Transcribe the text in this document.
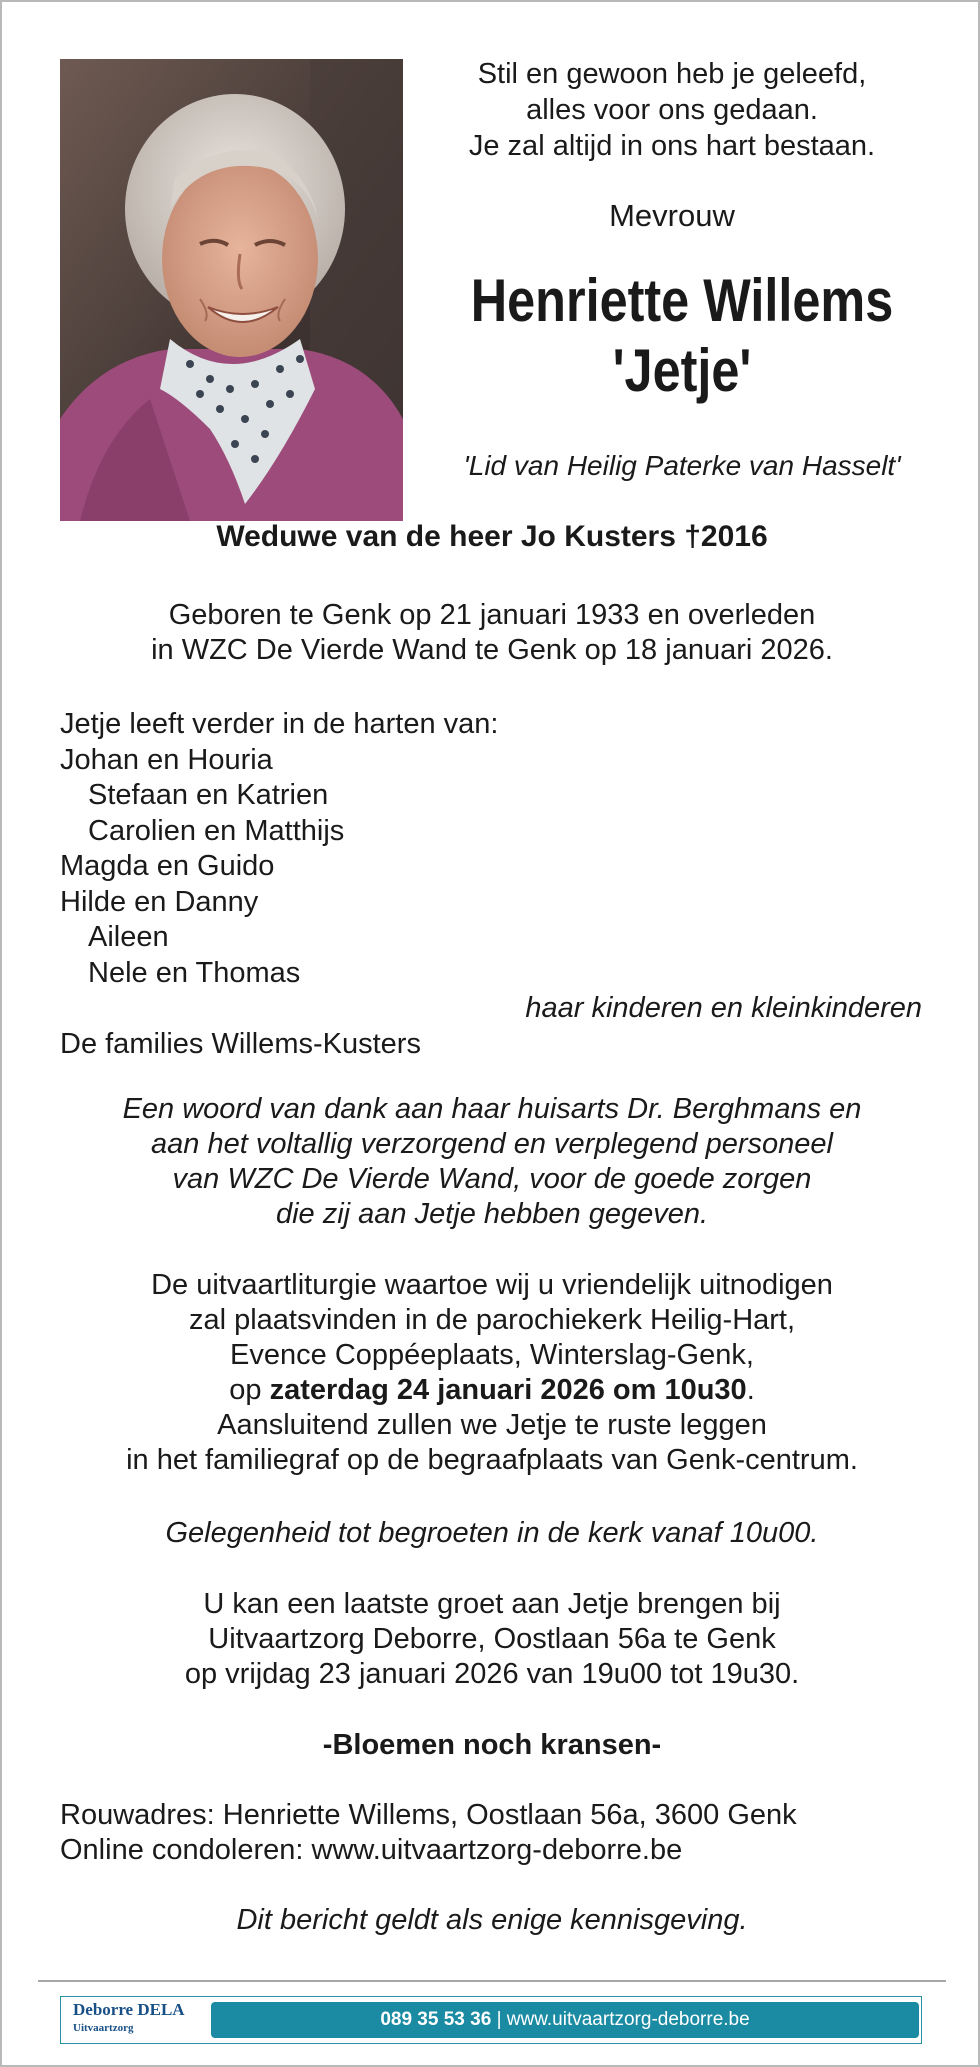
Stil en gewoon heb je geleefd,
alles voor ons gedaan.
Je zal altijd in ons hart bestaan.
Mevrouw
Henriette Willems
'Jetje'
'Lid van Heilig Paterke van Hasselt'
Weduwe van de heer Jo Kusters †2016
Geboren te Genk op 21 januari 1933 en overleden
in WZC De Vierde Wand te Genk op 18 januari 2026.
Jetje leeft verder in de harten van:
Johan en Houria
Stefaan en Katrien
Carolien en Matthijs
Magda en Guido
Hilde en Danny
Aileen
Nele en Thomas
haar kinderen en kleinkinderen
De families Willems-Kusters
Een woord van dank aan haar huisarts Dr. Berghmans en
aan het voltallig verzorgend en verplegend personeel
van WZC De Vierde Wand, voor de goede zorgen
die zij aan Jetje hebben gegeven.
De uitvaartliturgie waartoe wij u vriendelijk uitnodigen
zal plaatsvinden in de parochiekerk Heilig-Hart,
Evence Coppéeplaats, Winterslag-Genk,
op zaterdag 24 januari 2026 om 10u30.
Aansluitend zullen we Jetje te ruste leggen
in het familiegraf op de begraafplaats van Genk-centrum.
Gelegenheid tot begroeten in de kerk vanaf 10u00.
U kan een laatste groet aan Jetje brengen bij
Uitvaartzorg Deborre, Oostlaan 56a te Genk
op vrijdag 23 januari 2026 van 19u00 tot 19u30.
-Bloemen noch kransen-
Rouwadres: Henriette Willems, Oostlaan 56a, 3600 Genk
Online condoleren: www.uitvaartzorg-deborre.be
Dit bericht geldt als enige kennisgeving.
Deborre DELA
Uitvaartzorg	089 35 53 36 | www.uitvaartzorg-deborre.be
